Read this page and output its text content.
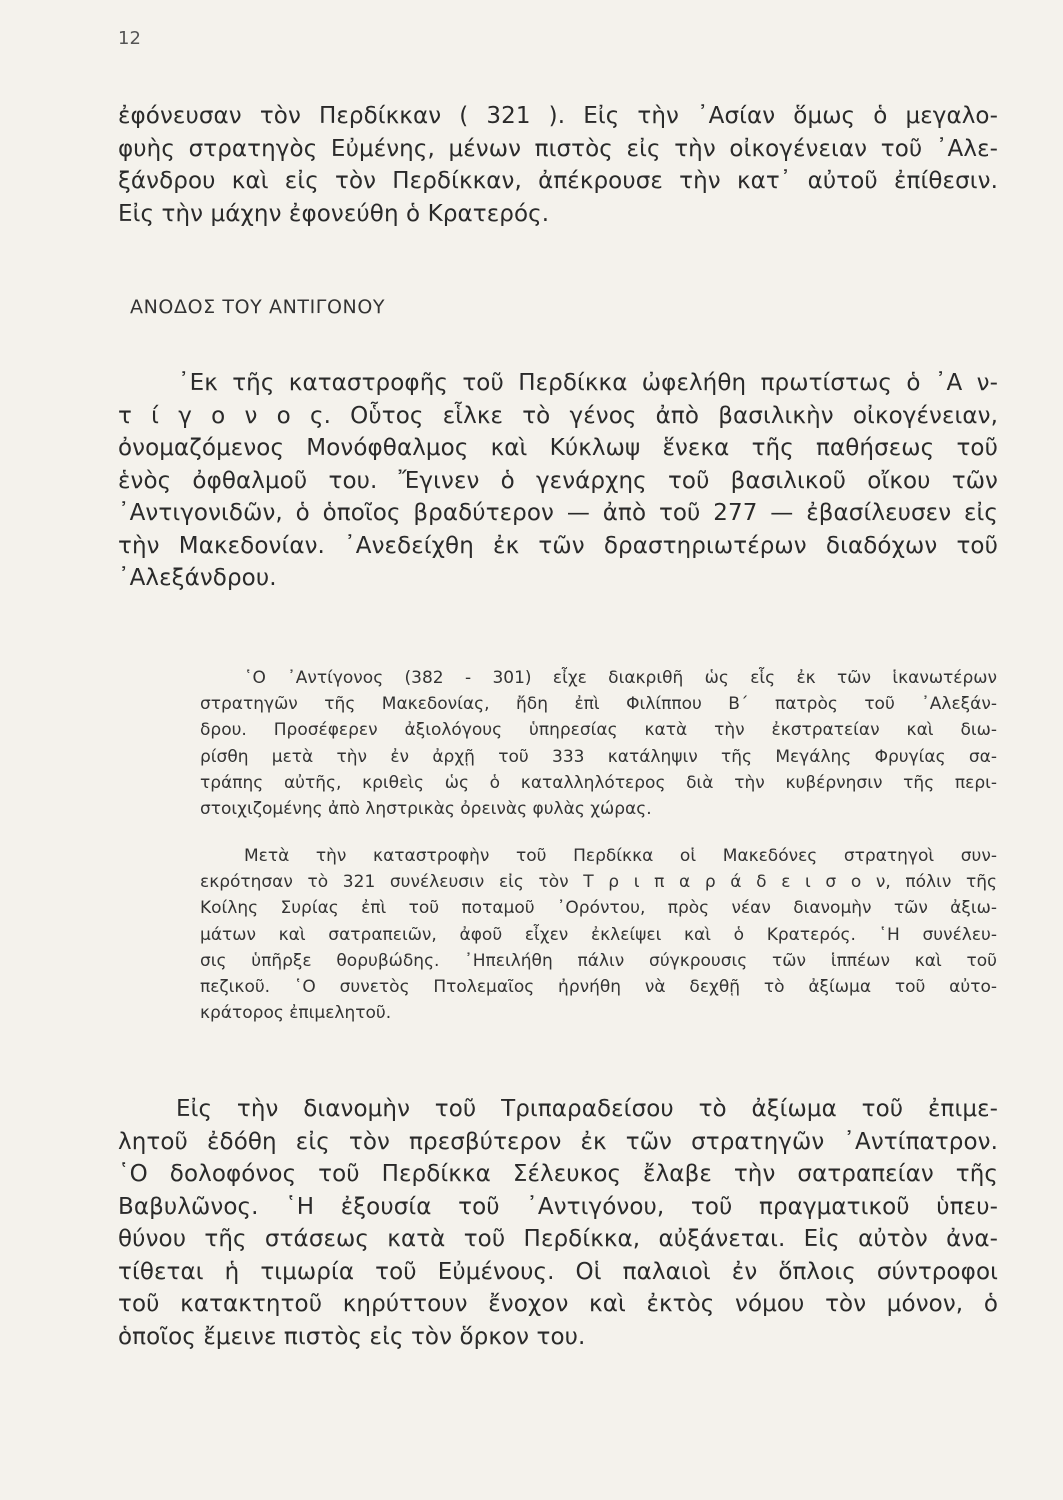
12
ἐφόνευσαν τὸν Περδίκκαν ( 321 ). Εἰς τὴν ᾽Ασίαν ὅμως ὁ μεγαλο-
φυὴς στρατηγὸς Εὐμένης, μένων πιστὸς εἰς τὴν οἰκογένειαν τοῦ ᾽Αλε-
ξάνδρου καὶ εἰς τὸν Περδίκκαν, ἀπέκρουσε τὴν κατ᾽ αὐτοῦ ἐπίθεσιν.
Εἰς τὴν μάχην ἐφονεύθη ὁ Κρατερός.
ΑΝΟΔΟΣ ΤΟΥ ΑΝΤΙΓΟΝΟΥ
᾽Εκ τῆς καταστροφῆς τοῦ Περδίκκα ὠφελήθη πρωτίστως ὁ ᾽Α ν-
τ ί γ ο ν ο ς. Οὗτος εἷλκε τὸ γένος ἀπὸ βασιλικὴν οἰκογένειαν,
ὀνομαζόμενος Μονόφθαλμος καὶ Κύκλωψ ἕνεκα τῆς παθήσεως τοῦ
ἑνὸς ὀφθαλμοῦ του. Ἔγινεν ὁ γενάρχης τοῦ βασιλικοῦ οἴκου τῶν
᾽Αντιγονιδῶν, ὁ ὁποῖος βραδύτερον — ἀπὸ τοῦ 277 — ἐβασίλευσεν εἰς
τὴν Μακεδονίαν. ᾽Ανεδείχθη ἐκ τῶν δραστηριωτέρων διαδόχων τοῦ
᾽Αλεξάνδρου.
῾Ο ᾽Αντίγονος (382 - 301) εἶχε διακριθῆ ὡς εἷς ἐκ τῶν ἱκανωτέρων
στρατηγῶν τῆς Μακεδονίας, ἤδη ἐπὶ Φιλίππου Β´ πατρὸς τοῦ ᾽Αλεξάν-
δρου. Προσέφερεν ἀξιολόγους ὑπηρεσίας κατὰ τὴν ἐκστρατείαν καὶ διω-
ρίσθη μετὰ τὴν ἐν ἀρχῇ τοῦ 333 κατάληψιν τῆς Μεγάλης Φρυγίας σα-
τράπης αὐτῆς, κριθεὶς ὡς ὁ καταλληλότερος διὰ τὴν κυβέρνησιν τῆς περι-
στοιχιζομένης ἀπὸ ληστρικὰς ὀρεινὰς φυλὰς χώρας.
Μετὰ τὴν καταστροφὴν τοῦ Περδίκκα οἱ Μακεδόνες στρατηγοὶ συν-
εκρότησαν τὸ 321 συνέλευσιν εἰς τὸν Τ ρ ι π α ρ ά δ ε ι σ ο ν, πόλιν τῆς
Κοίλης Συρίας ἐπὶ τοῦ ποταμοῦ ᾽Ορόντου, πρὸς νέαν διανομὴν τῶν ἀξιω-
μάτων καὶ σατραπειῶν, ἀφοῦ εἶχεν ἐκλείψει καὶ ὁ Κρατερός. ῾Η συνέλευ-
σις ὑπῆρξε θορυβώδης. ᾽Ηπειλήθη πάλιν σύγκρουσις τῶν ἱππέων καὶ τοῦ
πεζικοῦ. ῾Ο συνετὸς Πτολεμαῖος ἠρνήθη νὰ δεχθῇ τὸ ἀξίωμα τοῦ αὐτο-
κράτορος ἐπιμελητοῦ.
Εἰς τὴν διανομὴν τοῦ Τριπαραδείσου τὸ ἀξίωμα τοῦ ἐπιμε-
λητοῦ ἐδόθη εἰς τὸν πρεσβύτερον ἐκ τῶν στρατηγῶν ᾽Αντίπατρον.
῾Ο δολοφόνος τοῦ Περδίκκα Σέλευκος ἔλαβε τὴν σατραπείαν τῆς
Βαβυλῶνος. ῾Η ἐξουσία τοῦ ᾽Αντιγόνου, τοῦ πραγματικοῦ ὑπευ-
θύνου τῆς στάσεως κατὰ τοῦ Περδίκκα, αὐξάνεται. Εἰς αὐτὸν ἀνα-
τίθεται ἡ τιμωρία τοῦ Εὐμένους. Οἱ παλαιοὶ ἐν ὅπλοις σύντροφοι
τοῦ κατακτητοῦ κηρύττουν ἔνοχον καὶ ἐκτὸς νόμου τὸν μόνον, ὁ
ὁποῖος ἔμεινε πιστὸς εἰς τὸν ὅρκον του.
